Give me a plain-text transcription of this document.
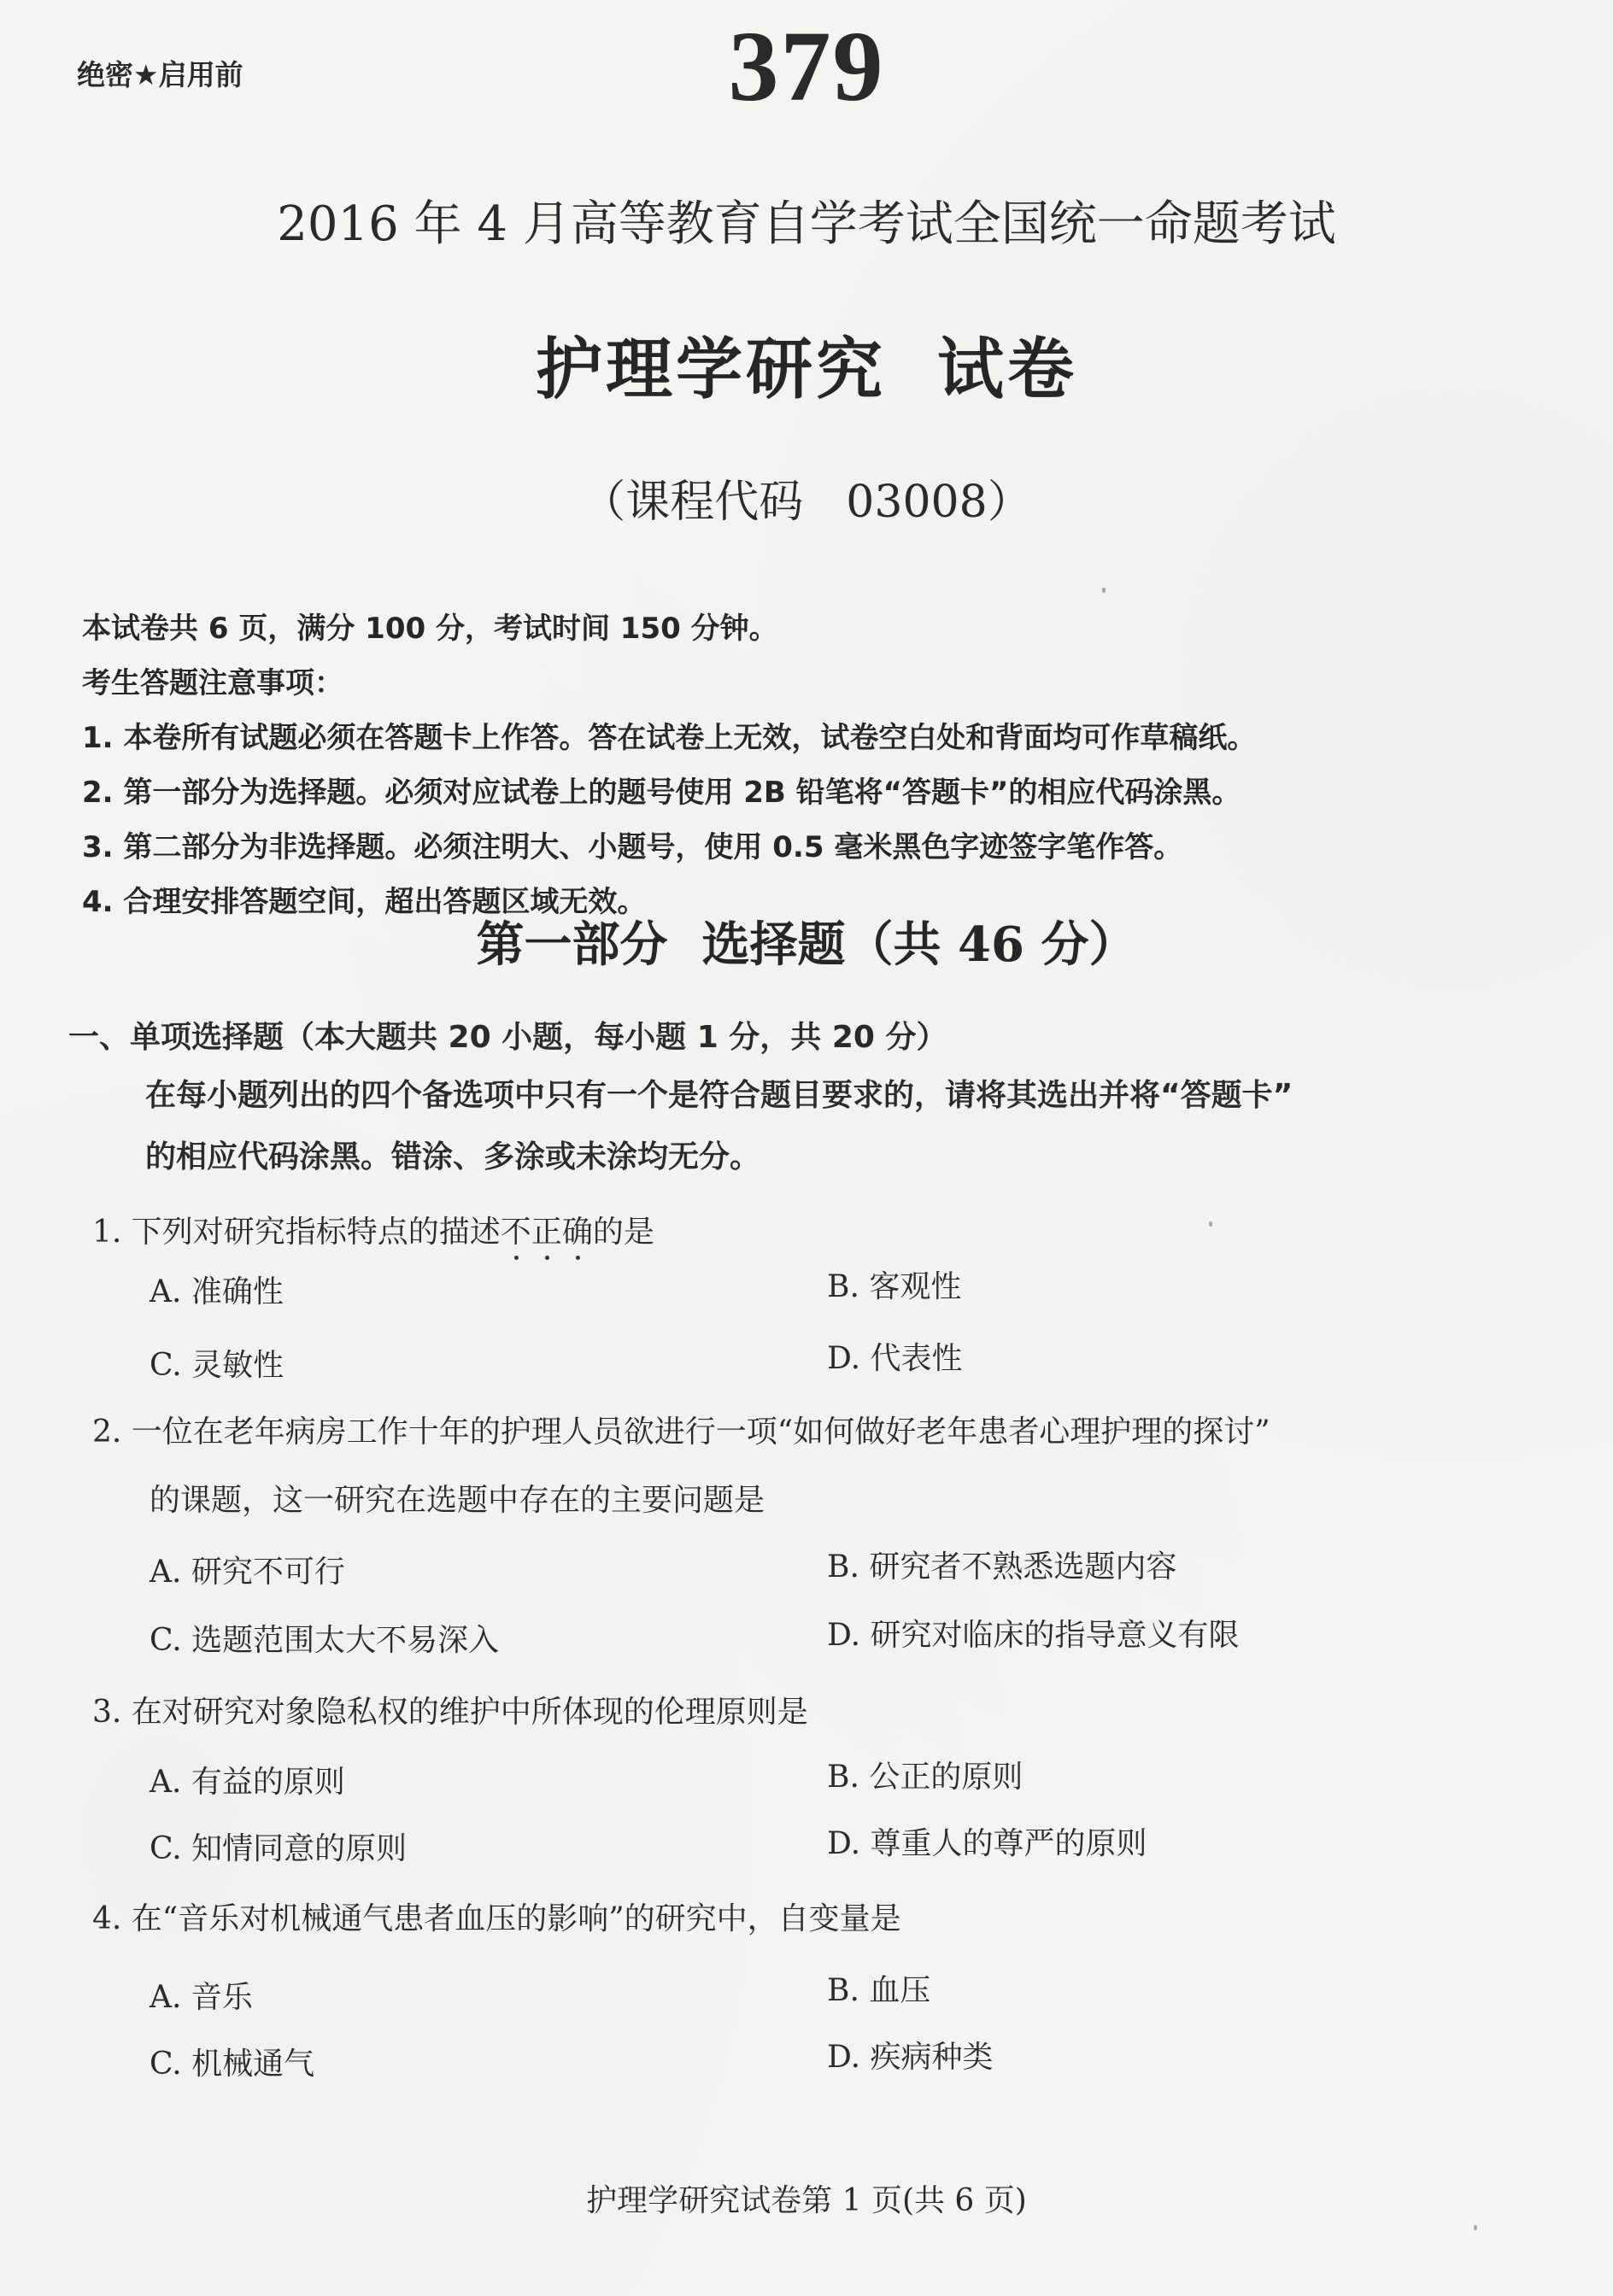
绝密★启用前	379
2016 年 4 月高等教育自学考试全国统一命题考试
护理学研究 试卷
（课程代码 03008）
本试卷共 6 页，满分 100 分，考试时间 150 分钟。
考生答题注意事项：
1. 本卷所有试题必须在答题卡上作答。答在试卷上无效，试卷空白处和背面均可作草稿纸。
2. 第一部分为选择题。必须对应试卷上的题号使用 2B 铅笔将“答题卡”的相应代码涂黑。
3. 第二部分为非选择题。必须注明大、小题号，使用 0.5 毫米黑色字迹签字笔作答。
4. 合理安排答题空间，超出答题区域无效。
第一部分 选择题（共 46 分）
一、单项选择题（本大题共 20 小题，每小题 1 分，共 20 分）
在每小题列出的四个备选项中只有一个是符合题目要求的，请将其选出并将“答题卡”
的相应代码涂黑。错涂、多涂或未涂均无分。
1. 下列对研究指标特点的描述不正确的是
A. 准确性	B. 客观性
C. 灵敏性	D. 代表性
2. 一位在老年病房工作十年的护理人员欲进行一项“如何做好老年患者心理护理的探讨”
的课题，这一研究在选题中存在的主要问题是
A. 研究不可行	B. 研究者不熟悉选题内容
C. 选题范围太大不易深入	D. 研究对临床的指导意义有限
3. 在对研究对象隐私权的维护中所体现的伦理原则是
A. 有益的原则	B. 公正的原则
C. 知情同意的原则	D. 尊重人的尊严的原则
4. 在“音乐对机械通气患者血压的影响”的研究中，自变量是
A. 音乐	B. 血压
C. 机械通气	D. 疾病种类
护理学研究试卷第 1 页(共 6 页)
